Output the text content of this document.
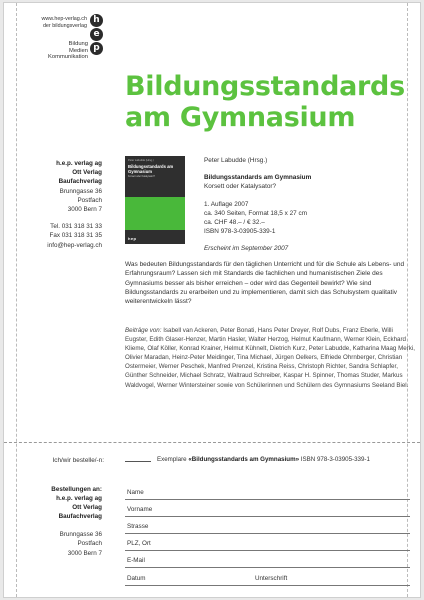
www.hep-verlag.ch
der bildungsverlag
h
e
p
Bildung
Medien
Kommunikation
Bildungsstandards
am Gymnasium
h.e.p. verlag ag
Ott Verlag
Baufachverlag
Brunngasse 36
Postfach
3000 Bern 7
Tel. 031 318 31 33
Fax 031 318 31 35
info@hep-verlag.ch
Peter Labudde (Hrsg.)
Bildungsstandards am Gymnasium
Korsett oder Katalysator?
hep
Peter Labudde (Hrsg.)
Bildungsstandards am Gymnasium
Korsett oder Katalysator?
1. Auflage 2007
ca. 340 Seiten, Format 18,5 x 27 cm
ca. CHF 48.– / € 32.–
ISBN 978-3-03905-339-1
Erscheint im September 2007

Was bedeuten Bildungsstandards für den täglichen Unterricht und für die Schule als Lebens- und Erfahrungsraum? Lassen sich mit Standards die fachlichen und humanistischen Ziele des Gymnasiums besser als bisher erreichen – oder wird das Gegenteil bewirkt? Wie sind Bildungsstandards zu erarbeiten und zu implementieren, damit sich das Schulsystem qualitativ weiterentwickeln lässt?

Beiträge von: Isabell van Ackeren, Peter Bonati, Hans Peter Dreyer, Rolf Dubs, Franz Eberle, Willi Eugster, Edith Glaser-Henzer, Martin Hasler, Walter Herzog, Helmut Kaufmann, Werner Klein, Eckhard Klieme, Olaf Köller, Konrad Krainer, Helmut Kühnelt, Dietrich Kurz, Peter Labudde, Katharina Maag Merki, Olivier Maradan, Heinz-Peter Meidinger, Tina Michael, Jürgen Oelkers, Elfriede Ohrnberger, Christian Ostermeier, Werner Peschek, Manfred Prenzel, Kristina Reiss, Christoph Richter, Sandra Schlapfer, Günther Schneider, Michael Schratz, Waltraud Schreiber, Kaspar H. Spinner, Thomas Studer, Markus Waldvogel, Werner Wintersteiner sowie von Schülerinnen und Schülern des Gymnasiums Seeland Biel.

Ich/wir bestelle/-n:	Exemplare «Bildungsstandards am Gymnasium» ISBN 978-3-03905-339-1
Bestellungen an:
h.e.p. verlag ag
Ott Verlag
Baufachverlag
Brunngasse 36
Postfach
3000 Bern 7
Name
Vorname
Strasse
PLZ, Ort
E-Mail
Datum	Unterschrift
